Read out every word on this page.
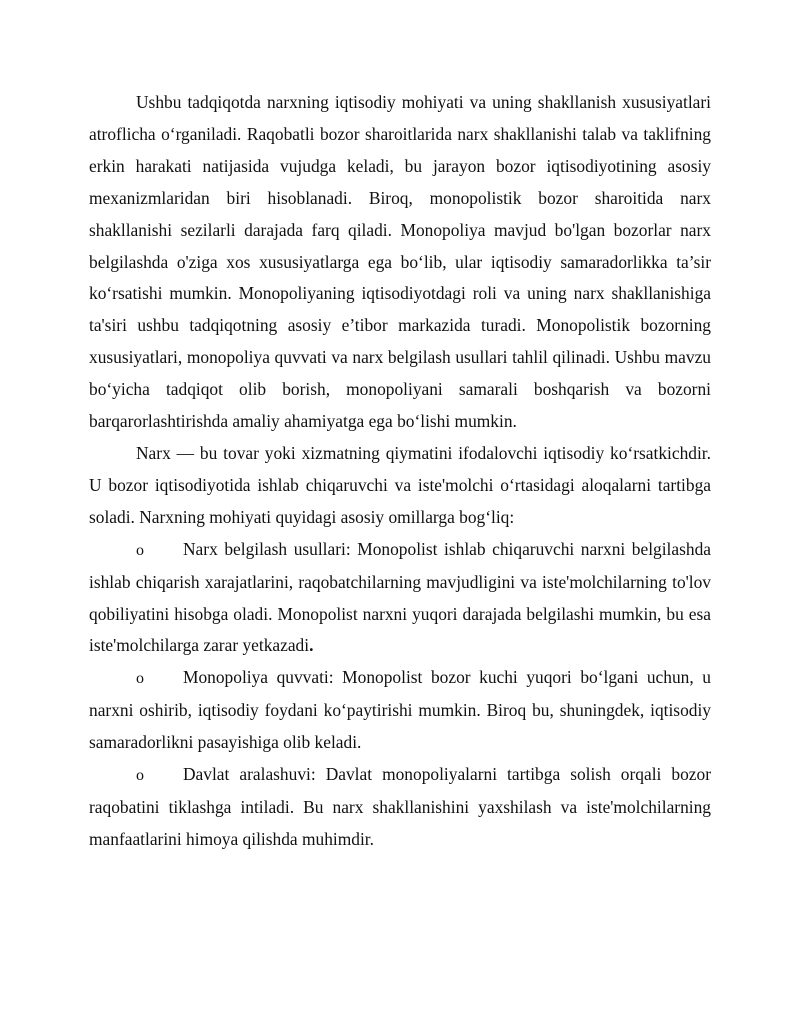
Ushbu tadqiqotda narxning iqtisodiy mohiyati va uning shakllanish xususiyatlari atroflicha o‘rganiladi. Raqobatli bozor sharoitlarida narx shakllanishi talab va taklifning erkin harakati natijasida vujudga keladi, bu jarayon bozor iqtisodiyotining asosiy mexanizmlaridan biri hisoblanadi. Biroq, monopolistik bozor sharoitida narx shakllanishi sezilarli darajada farq qiladi. Monopoliya mavjud bo'lgan bozorlar narx belgilashda o'ziga xos xususiyatlarga ega bo‘lib, ular iqtisodiy samaradorlikka ta’sir ko‘rsatishi mumkin. Monopoliyaning iqtisodiyotdagi roli va uning narx shakllanishiga ta'siri ushbu tadqiqotning asosiy e’tibor markazida turadi. Monopolistik bozorning xususiyatlari, monopoliya quvvati va narx belgilash usullari tahlil qilinadi. Ushbu mavzu bo‘yicha tadqiqot olib borish, monopoliyani samarali boshqarish va bozorni barqarorlashtirishda amaliy ahamiyatga ega bo‘lishi mumkin.

Narx — bu tovar yoki xizmatning qiymatini ifodalovchi iqtisodiy ko‘rsatkichdir. U bozor iqtisodiyotida ishlab chiqaruvchi va iste'molchi o‘rtasidagi aloqalarni tartibga soladi. Narxning mohiyati quyidagi asosiy omillarga bog‘liq:

o Narx belgilash usullari: Monopolist ishlab chiqaruvchi narxni belgilashda ishlab chiqarish xarajatlarini, raqobatchilarning mavjudligini va iste'molchilarning to'lov qobiliyatini hisobga oladi. Monopolist narxni yuqori darajada belgilashi mumkin, bu esa iste'molchilarga zarar yetkazadi.

o Monopoliya quvvati: Monopolist bozor kuchi yuqori bo‘lgani uchun, u narxni oshirib, iqtisodiy foydani ko‘paytirishi mumkin. Biroq bu, shuningdek, iqtisodiy samaradorlikni pasayishiga olib keladi.

o Davlat aralashuvi: Davlat monopoliyalarni tartibga solish orqali bozor raqobatini tiklashga intiladi. Bu narx shakllanishini yaxshilash va iste'molchilarning manfaatlarini himoya qilishda muhimdir.
